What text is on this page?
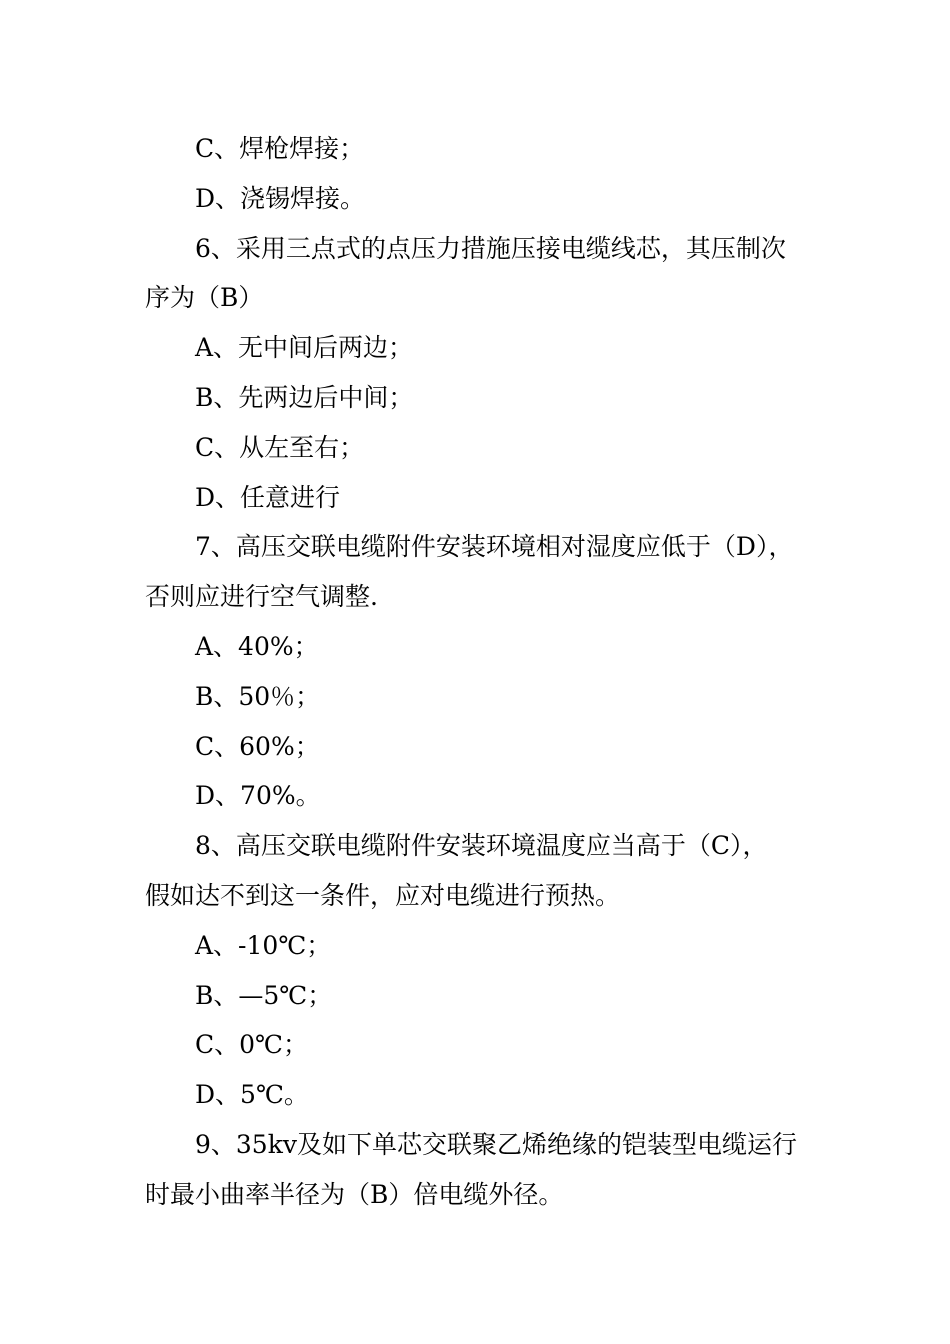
C、焊枪焊接；
D、浇锡焊接。
6、采用三点式的点压力措施压接电缆线芯，其压制次
序为（B）
A、无中间后两边；
B、先两边后中间；
C、从左至右；
D、任意进行
7、高压交联电缆附件安装环境相对湿度应低于（D），
否则应进行空气调整.
A、40%；
B、50％；
C、60%；
D、70%。
8、高压交联电缆附件安装环境温度应当高于（C），
假如达不到这一条件，应对电缆进行预热。
A、-10℃；
B、—5℃；
C、0℃；
D、5℃。
9、35kv及如下单芯交联聚乙烯绝缘的铠装型电缆运行
时最小曲率半径为（B）倍电缆外径。
